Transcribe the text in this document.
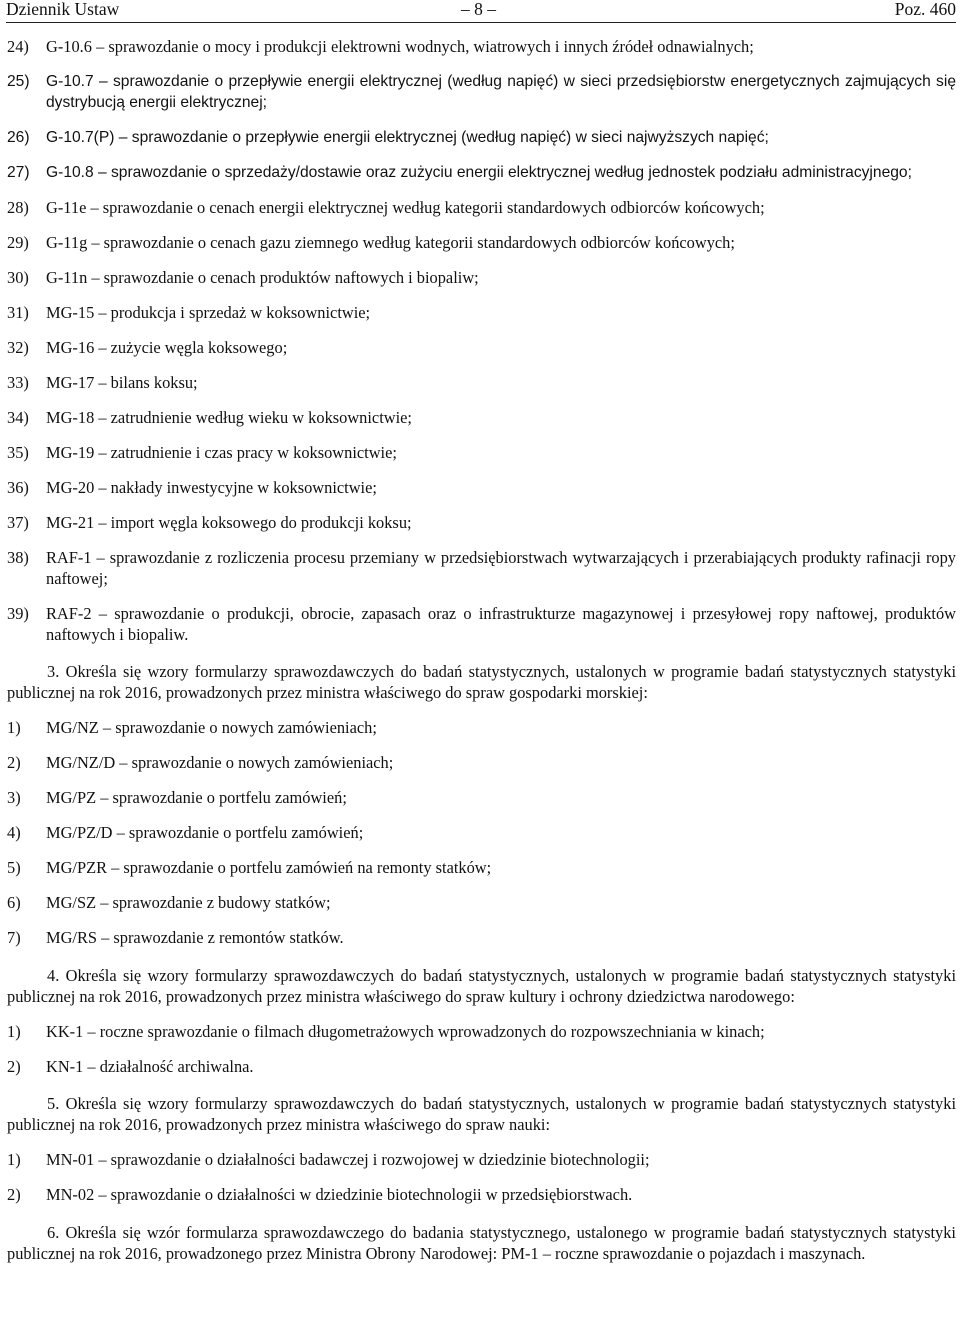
Dziennik Ustaw	– 8 –	Poz. 460
24) G-10.6 – sprawozdanie o mocy i produkcji elektrowni wodnych, wiatrowych i innych źródeł odnawialnych;
25) G-10.7 – sprawozdanie o przepływie energii elektrycznej (według napięć) w sieci przedsiębiorstw energetycznych zajmujących się dystrybucją energii elektrycznej;
26) G-10.7(P) – sprawozdanie o przepływie energii elektrycznej (według napięć) w sieci najwyższych napięć;
27) G-10.8 – sprawozdanie o sprzedaży/dostawie oraz zużyciu energii elektrycznej według jednostek podziału administracyjnego;
28) G-11e – sprawozdanie o cenach energii elektrycznej według kategorii standardowych odbiorców końcowych;
29) G-11g – sprawozdanie o cenach gazu ziemnego według kategorii standardowych odbiorców końcowych;
30) G-11n – sprawozdanie o cenach produktów naftowych i biopaliw;
31) MG-15 – produkcja i sprzedaż w koksownictwie;
32) MG-16 – zużycie węgla koksowego;
33) MG-17 – bilans koksu;
34) MG-18 – zatrudnienie według wieku w koksownictwie;
35) MG-19 – zatrudnienie i czas pracy w koksownictwie;
36) MG-20 – nakłady inwestycyjne w koksownictwie;
37) MG-21 – import węgla koksowego do produkcji koksu;
38) RAF-1 – sprawozdanie z rozliczenia procesu przemiany w przedsiębiorstwach wytwarzających i przerabiających produkty rafinacji ropy naftowej;
39) RAF-2 – sprawozdanie o produkcji, obrocie, zapasach oraz o infrastrukturze magazynowej i przesyłowej ropy naftowej, produktów naftowych i biopaliw.

3. Określa się wzory formularzy sprawozdawczych do badań statystycznych, ustalonych w programie badań statystycznych statystyki publicznej na rok 2016, prowadzonych przez ministra właściwego do spraw gospodarki morskiej:

1) MG/NZ – sprawozdanie o nowych zamówieniach;
2) MG/NZ/D – sprawozdanie o nowych zamówieniach;
3) MG/PZ – sprawozdanie o portfelu zamówień;
4) MG/PZ/D – sprawozdanie o portfelu zamówień;
5) MG/PZR – sprawozdanie o portfelu zamówień na remonty statków;
6) MG/SZ – sprawozdanie z budowy statków;
7) MG/RS – sprawozdanie z remontów statków.

4. Określa się wzory formularzy sprawozdawczych do badań statystycznych, ustalonych w programie badań statystycznych statystyki publicznej na rok 2016, prowadzonych przez ministra właściwego do spraw kultury i ochrony dziedzictwa narodowego:

1) KK-1 – roczne sprawozdanie o filmach długometrażowych wprowadzonych do rozpowszechniania w kinach;
2) KN-1 – działalność archiwalna.

5. Określa się wzory formularzy sprawozdawczych do badań statystycznych, ustalonych w programie badań statystycznych statystyki publicznej na rok 2016, prowadzonych przez ministra właściwego do spraw nauki:

1) MN-01 – sprawozdanie o działalności badawczej i rozwojowej w dziedzinie biotechnologii;
2) MN-02 – sprawozdanie o działalności w dziedzinie biotechnologii w przedsiębiorstwach.

6. Określa się wzór formularza sprawozdawczego do badania statystycznego, ustalonego w programie badań statystycznych statystyki publicznej na rok 2016, prowadzonego przez Ministra Obrony Narodowej: PM-1 – roczne sprawozdanie o pojazdach i maszynach.
